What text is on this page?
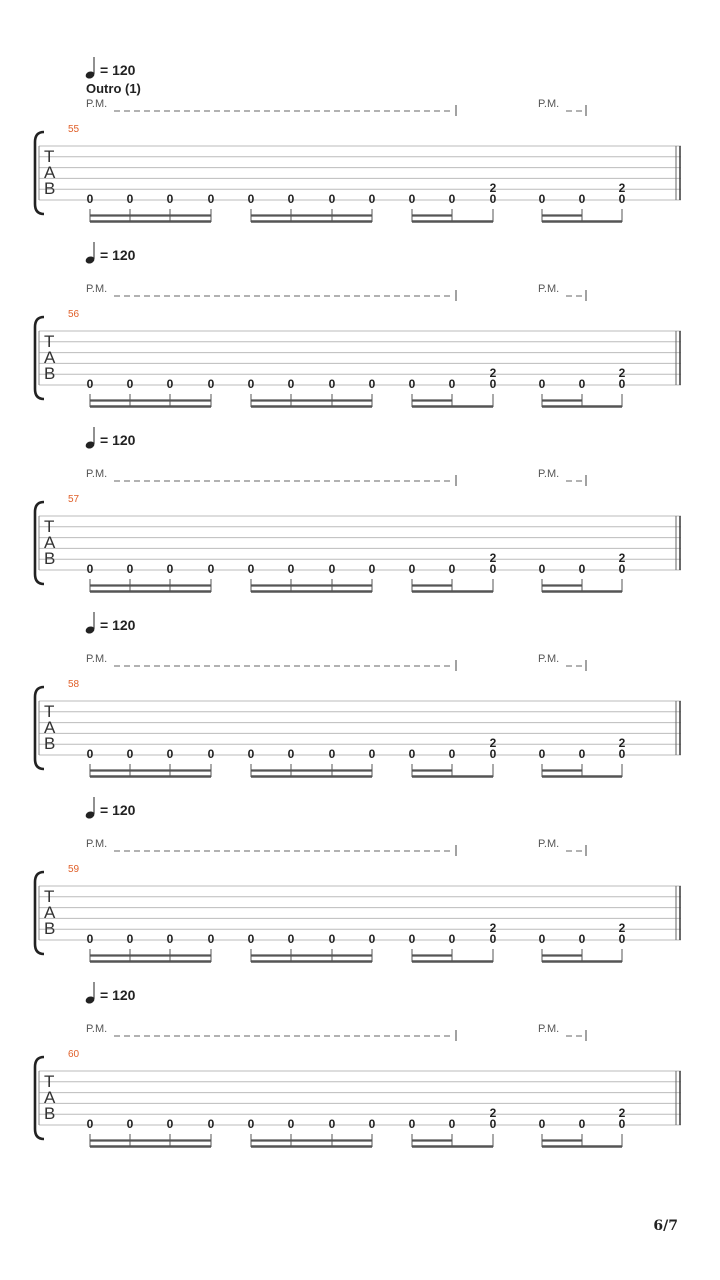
= 120
Outro (1)
P.M.	P.M.
55
T
A
B
0	0	0	0	0	0	0	0	0	0	0	0	0	0
2	2
= 120
P.M.	P.M.
56
T
A
B
0	0	0	0	0	0	0	0	0	0	0	0	0	0
2	2
= 120
P.M.	P.M.
57
T
A
B
0	0	0	0	0	0	0	0	0	0	0	0	0	0
2	2
= 120
P.M.	P.M.
58
T
A
B
0	0	0	0	0	0	0	0	0	0	0	0	0	0
2	2
= 120
P.M.	P.M.
59
T
A
B
0	0	0	0	0	0	0	0	0	0	0	0	0	0
2	2
= 120
P.M.	P.M.
60
T
A
B
0	0	0	0	0	0	0	0	0	0	0	0	0	0
2	2
6/7
